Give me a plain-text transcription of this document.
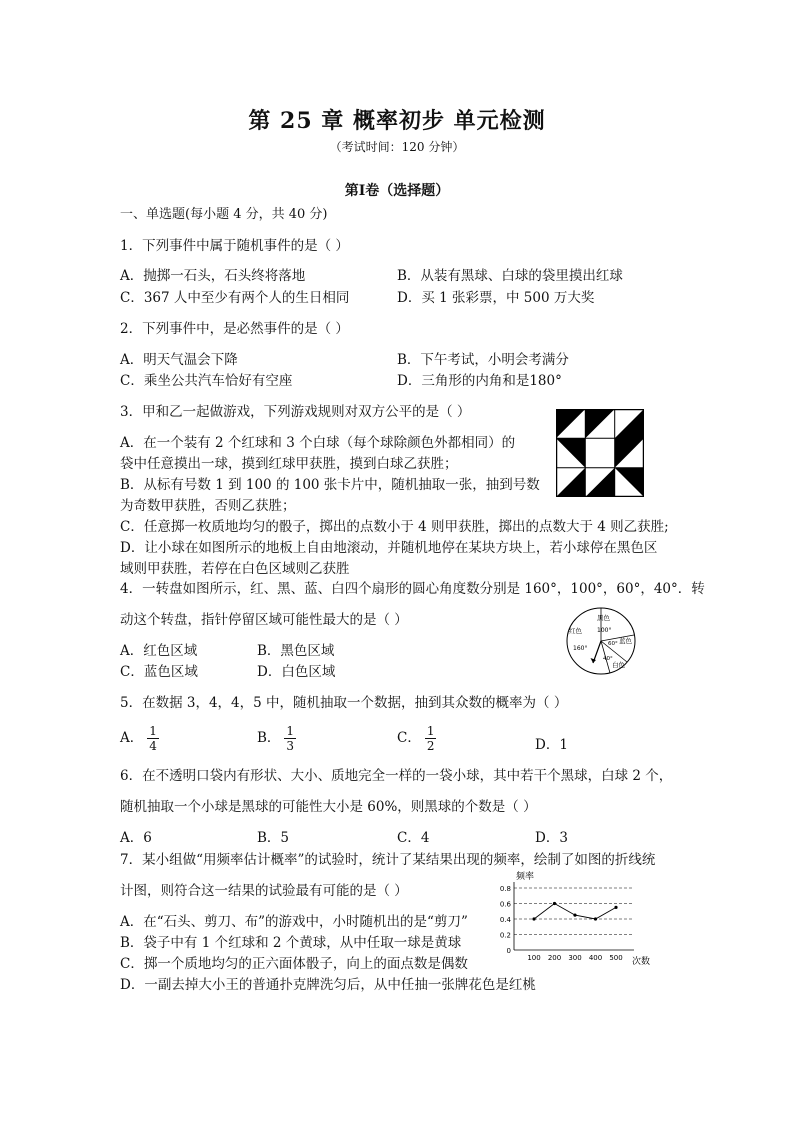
第 25 章 概率初步 单元检测
（考试时间：120 分钟）
第Ⅰ卷（选择题）
一、单选题(每小题 4 分，共 40 分)
1．下列事件中属于随机事件的是（ ）
A．抛掷一石头，石头终将落地	B．从装有黑球、白球的袋里摸出红球
C．367 人中至少有两个人的生日相同	D．买 1 张彩票，中 500 万大奖
2．下列事件中，是必然事件的是（ ）
A．明天气温会下降	B．下午考试，小明会考满分
C．乘坐公共汽车恰好有空座	D．三角形的内角和是180°
3．甲和乙一起做游戏，下列游戏规则对双方公平的是（ ）
A．在一个装有 2 个红球和 3 个白球（每个球除颜色外都相同）的
袋中任意摸出一球，摸到红球甲获胜，摸到白球乙获胜；
B．从标有号数 1 到 100 的 100 张卡片中，随机抽取一张，抽到号数
为奇数甲获胜，否则乙获胜；
C．任意掷一枚质地均匀的骰子，掷出的点数小于 4 则甲获胜，掷出的点数大于 4 则乙获胜;
D．让小球在如图所示的地板上自由地滚动，并随机地停在某块方块上，若小球停在黑色区
域则甲获胜，若停在白色区域则乙获胜
4．一转盘如图所示，红、黑、蓝、白四个扇形的圆心角度数分别是 160°，100°，60°，40°．转
动这个转盘，指针停留区域可能性最大的是（ ）
A．红色区域	B．黑色区域
C．蓝色区域	D．白色区域
红色
160°
黑色
100°
蓝色
60°
白色
40°
5．在数据 3，4，4，5 中，随机抽取一个数据，抽到其众数的概率为（ ）
A． $\frac{1}{4}$	B． $\frac{1}{3}$	C． $\frac{1}{2}$	D．1
6．在不透明口袋内有形状、大小、质地完全一样的一袋小球，其中若干个黑球，白球 2 个，
随机抽取一个小球是黑球的可能性大小是 60%，则黑球的个数是（ ）
A．6	B．5	C．4	D．3
7．某小组做“用频率估计概率”的试验时，统计了某结果出现的频率，绘制了如图的折线统
计图，则符合这一结果的试验最有可能的是（ ）
A．在“石头、剪刀、布”的游戏中，小时随机出的是“剪刀”
B．袋子中有 1 个红球和 2 个黄球，从中任取一球是黄球
C．掷一个质地均匀的正六面体骰子，向上的面点数是偶数
D．一副去掉大小王的普通扑克牌洗匀后，从中任抽一张牌花色是红桃
频率
次数
0
0.2
0.4
0.6
0.8
100 200 300 400 500
